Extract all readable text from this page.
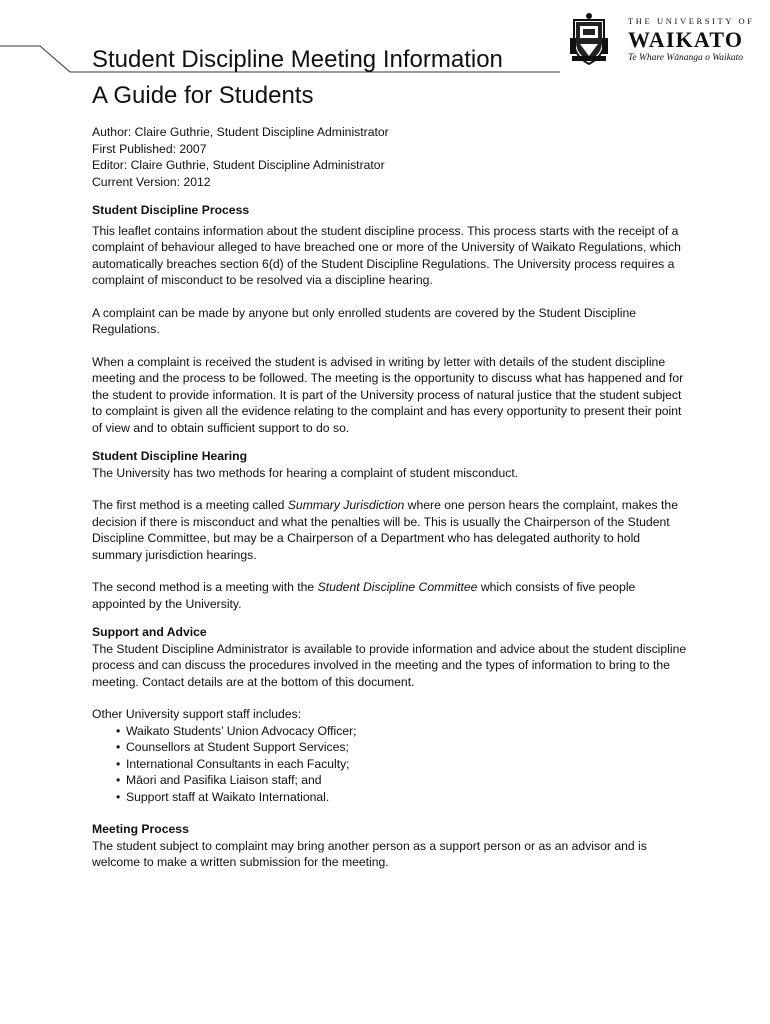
THE UNIVERSITY OF
WAIKATO
Te Whare Wānanga o Waikato
Student Discipline Meeting Information
A Guide for Students

Author: Claire Guthrie, Student Discipline Administrator

First Published: 2007

Editor: Claire Guthrie, Student Discipline Administrator

Current Version: 2012

Student Discipline Process

This leaflet contains information about the student discipline process. This process starts with the receipt of a complaint of behaviour alleged to have breached one or more of the University of Waikato Regulations, which automatically breaches section 6(d) of the Student Discipline Regulations. The University process requires a complaint of misconduct to be resolved via a discipline hearing.

A complaint can be made by anyone but only enrolled students are covered by the Student Discipline Regulations.

When a complaint is received the student is advised in writing by letter with details of the student discipline meeting and the process to be followed. The meeting is the opportunity to discuss what has happened and for the student to provide information. It is part of the University process of natural justice that the student subject to complaint is given all the evidence relating to the complaint and has every opportunity to present their point of view and to obtain sufficient support to do so.

Student Discipline Hearing

The University has two methods for hearing a complaint of student misconduct.

The first method is a meeting called Summary Jurisdiction where one person hears the complaint, makes the decision if there is misconduct and what the penalties will be. This is usually the Chairperson of the Student Discipline Committee, but may be a Chairperson of a Department who has delegated authority to hold summary jurisdiction hearings.

The second method is a meeting with the Student Discipline Committee which consists of five people appointed by the University.

Support and Advice

The Student Discipline Administrator is available to provide information and advice about the student discipline process and can discuss the procedures involved in the meeting and the types of information to bring to the meeting. Contact details are at the bottom of this document.

Other University support staff includes:

• Waikato Students’ Union Advocacy Officer;
• Counsellors at Student Support Services;
• International Consultants in each Faculty;
• Māori and Pasifika Liaison staff; and
• Support staff at Waikato International.

Meeting Process

The student subject to complaint may bring another person as a support person or as an advisor and is welcome to make a written submission for the meeting.
